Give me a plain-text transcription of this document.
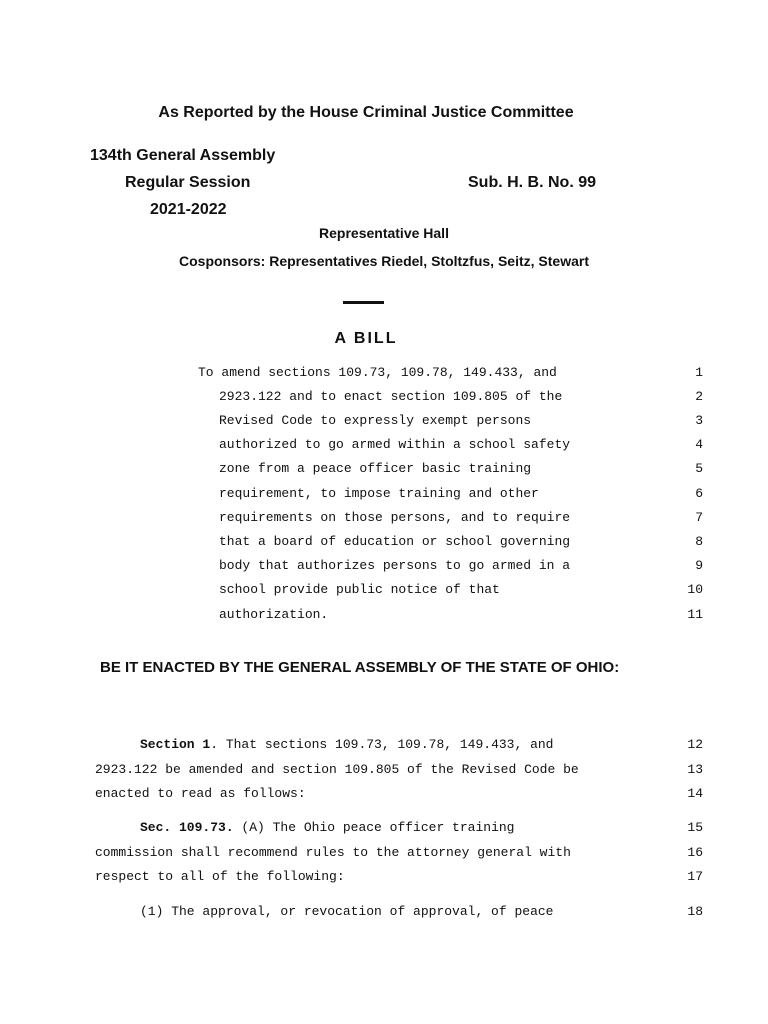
As Reported by the House Criminal Justice Committee
134th General Assembly
Regular Session	Sub. H. B. No. 99
2021-2022
Representative Hall
Cosponsors: Representatives Riedel, Stoltzfus, Seitz, Stewart
A BILL
To amend sections 109.73, 109.78, 149.433, and	1
2923.122 and to enact section 109.805 of the	2
Revised Code to expressly exempt persons	3
authorized to go armed within a school safety	4
zone from a peace officer basic training	5
requirement, to impose training and other	6
requirements on those persons, and to require	7
that a board of education or school governing	8
body that authorizes persons to go armed in a	9
school provide public notice of that	10
authorization.	11
BE IT ENACTED BY THE GENERAL ASSEMBLY OF THE STATE OF OHIO:
Section 1. That sections 109.73, 109.78, 149.433, and	12
2923.122 be amended and section 109.805 of the Revised Code be	13
enacted to read as follows:	14
Sec. 109.73. (A) The Ohio peace officer training	15
commission shall recommend rules to the attorney general with	16
respect to all of the following:	17
(1) The approval, or revocation of approval, of peace	18
